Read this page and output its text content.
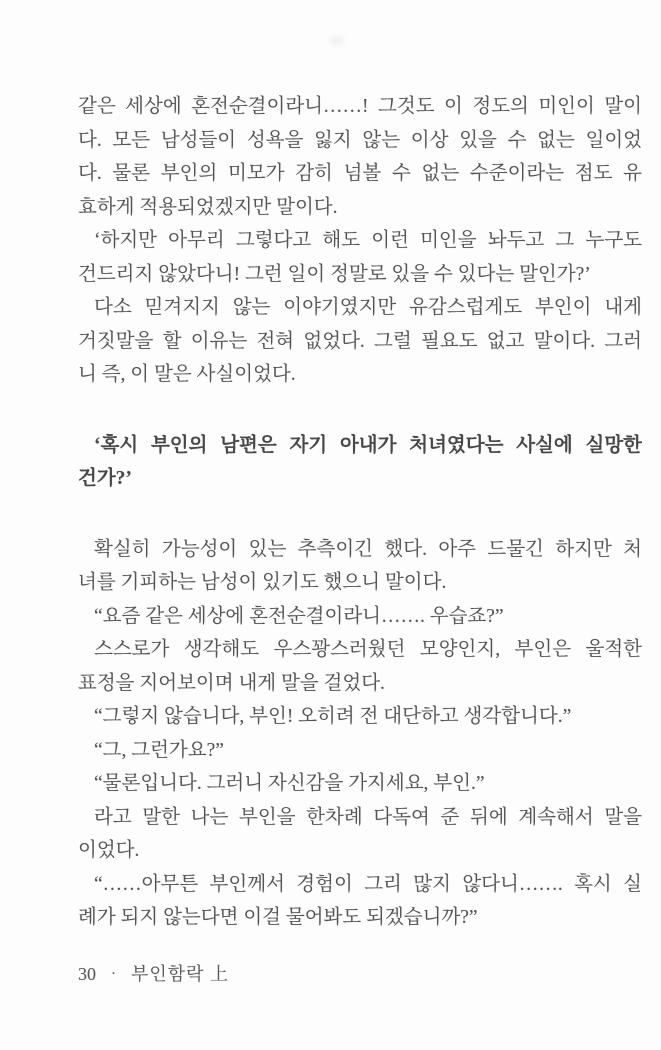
같은 세상에 혼전순결이라니……! 그것도 이 정도의 미인이 말이
다. 모든 남성들이 성욕을 잃지 않는 이상 있을 수 없는 일이었
다. 물론 부인의 미모가 감히 넘볼 수 없는 수준이라는 점도 유
효하게 적용되었겠지만 말이다.

‘하지만 아무리 그렇다고 해도 이런 미인을 놔두고 그 누구도
건드리지 않았다니! 그런 일이 정말로 있을 수 있다는 말인가?’

다소 믿겨지지 않는 이야기였지만 유감스럽게도 부인이 내게
거짓말을 할 이유는 전혀 없었다. 그럴 필요도 없고 말이다. 그러
니 즉, 이 말은 사실이었다.

‘혹시 부인의 남편은 자기 아내가 처녀였다는 사실에 실망한
건가?’

확실히 가능성이 있는 추측이긴 했다. 아주 드물긴 하지만 처
녀를 기피하는 남성이 있기도 했으니 말이다.

“요즘 같은 세상에 혼전순결이라니……. 우습죠?”

스스로가 생각해도 우스꽝스러웠던 모양인지, 부인은 울적한
표정을 지어보이며 내게 말을 걸었다.

“그렇지 않습니다, 부인! 오히려 전 대단하고 생각합니다.”

“그, 그런가요?”

“물론입니다. 그러니 자신감을 가지세요, 부인.”

라고 말한 나는 부인을 한차례 다독여 준 뒤에 계속해서 말을
이었다.

“……아무튼 부인께서 경험이 그리 많지 않다니……. 혹시 실
례가 되지 않는다면 이걸 물어봐도 되겠습니까?”

30 · 부인함락 上
